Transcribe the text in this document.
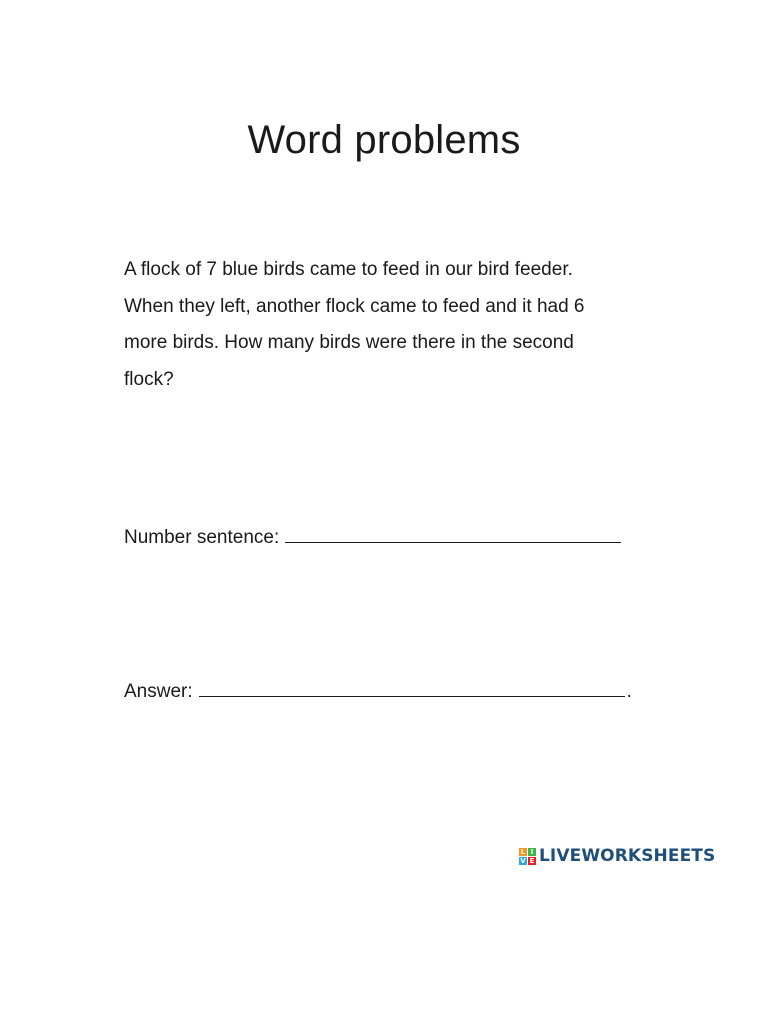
Word problems
A flock of 7 blue birds came to feed in our bird feeder.
When they left, another flock came to feed and it had 6
more birds. How many birds were there in the second
flock?
Number sentence:
Answer:	.
L I
V E LIVEWORKSHEETS
